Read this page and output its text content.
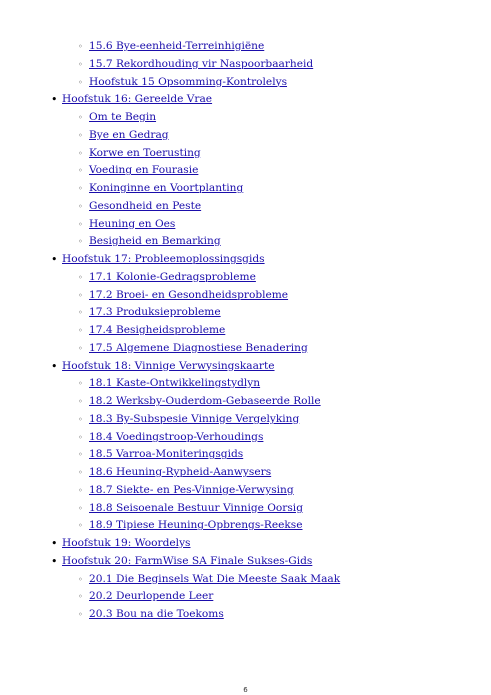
◦ 15.6 Bye-eenheid-Terreinhigiëne
◦ 15.7 Rekordhouding vir Naspoorbaarheid
◦ Hoofstuk 15 Opsomming-Kontrolelys
• Hoofstuk 16: Gereelde Vrae
◦ Om te Begin
◦ Bye en Gedrag
◦ Korwe en Toerusting
◦ Voeding en Fourasie
◦ Koninginne en Voortplanting
◦ Gesondheid en Peste
◦ Heuning en Oes
◦ Besigheid en Bemarking
• Hoofstuk 17: Probleemoplossingsgids
◦ 17.1 Kolonie-Gedragsprobleme
◦ 17.2 Broei- en Gesondheidsprobleme
◦ 17.3 Produksieprobleme
◦ 17.4 Besigheidsprobleme
◦ 17.5 Algemene Diagnostiese Benadering
• Hoofstuk 18: Vinnige Verwysingskaarte
◦ 18.1 Kaste-Ontwikkelingstydlyn
◦ 18.2 Werksby-Ouderdom-Gebaseerde Rolle
◦ 18.3 By-Subspesie Vinnige Vergelyking
◦ 18.4 Voedingstroop-Verhoudings
◦ 18.5 Varroa-Moniteringsgids
◦ 18.6 Heuning-Rypheid-Aanwysers
◦ 18.7 Siekte- en Pes-Vinnige-Verwysing
◦ 18.8 Seisoenale Bestuur Vinnige Oorsig
◦ 18.9 Tipiese Heuning-Opbrengs-Reekse
• Hoofstuk 19: Woordelys
• Hoofstuk 20: FarmWise SA Finale Sukses-Gids
◦ 20.1 Die Beginsels Wat Die Meeste Saak Maak
◦ 20.2 Deurlopende Leer
◦ 20.3 Bou na die Toekoms
6
